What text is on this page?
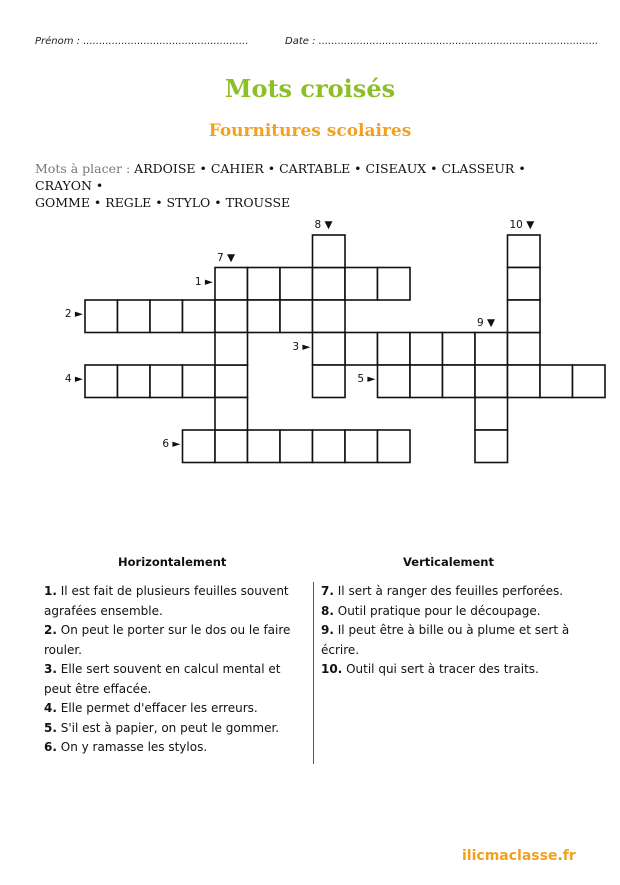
Prénom : ....................................................	Date : ........................................................................................
Mots croisés
Fournitures scolaires
Mots à placer : ARDOISE • CAHIER • CARTABLE • CISEAUX • CLASSEUR • CRAYON •
GOMME • REGLE • STYLO • TROUSSE
1 ►
2 ►
3 ►
4 ►	5 ►
6 ►
7 ▼
8 ▼
9 ▼
10 ▼
Horizontalement	Verticalement
1. Il est fait de plusieurs feuilles souvent agrafées ensemble.
2. On peut le porter sur le dos ou le faire rouler.
3. Elle sert souvent en calcul mental et peut être effacée.
4. Elle permet d'effacer les erreurs.
5. S'il est à papier, on peut le gommer.
6. On y ramasse les stylos.
7. Il sert à ranger des feuilles perforées.
8. Outil pratique pour le découpage.
9. Il peut être à bille ou à plume et sert à écrire.
10. Outil qui sert à tracer des traits.
ilicmaclasse.fr
